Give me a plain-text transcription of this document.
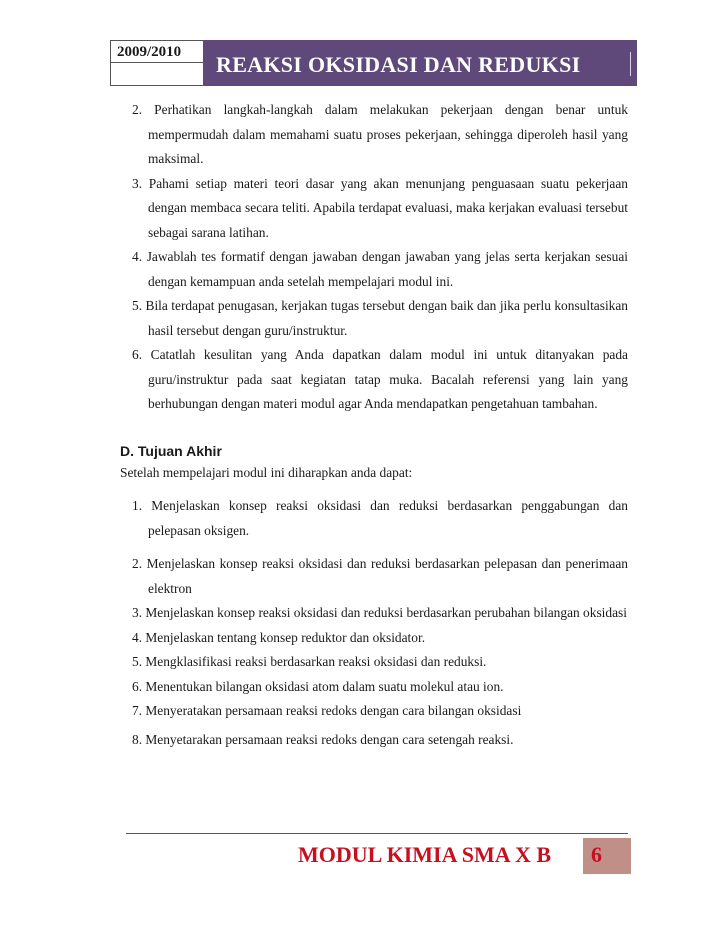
2009/2010	REAKSI OKSIDASI DAN REDUKSI

2. Perhatikan langkah-langkah dalam melakukan pekerjaan dengan benar untuk mempermudah dalam memahami suatu proses pekerjaan, sehingga diperoleh hasil yang maksimal.

3. Pahami setiap materi teori dasar yang akan menunjang penguasaan suatu pekerjaan dengan membaca secara teliti. Apabila terdapat evaluasi, maka kerjakan evaluasi tersebut sebagai sarana latihan.

4. Jawablah tes formatif dengan jawaban dengan jawaban yang jelas serta kerjakan sesuai dengan kemampuan anda setelah mempelajari modul ini.

5. Bila terdapat penugasan, kerjakan tugas tersebut dengan baik dan jika perlu konsultasikan hasil tersebut dengan guru/instruktur.

6. Catatlah kesulitan yang Anda dapatkan dalam modul ini untuk ditanyakan pada guru/instruktur pada saat kegiatan tatap muka. Bacalah referensi yang lain yang berhubungan dengan materi modul agar Anda mendapatkan pengetahuan tambahan.

D. Tujuan Akhir

Setelah mempelajari modul ini diharapkan anda dapat:

1. Menjelaskan konsep reaksi oksidasi dan reduksi berdasarkan penggabungan dan pelepasan oksigen.

2. Menjelaskan konsep reaksi oksidasi dan reduksi berdasarkan pelepasan dan penerimaan elektron

3. Menjelaskan konsep reaksi oksidasi dan reduksi berdasarkan perubahan bilangan oksidasi

4. Menjelaskan tentang konsep reduktor dan oksidator.

5. Mengklasifikasi reaksi berdasarkan reaksi oksidasi dan reduksi.

6. Menentukan bilangan oksidasi atom dalam suatu molekul atau ion.

7. Menyeratakan persamaan reaksi redoks dengan cara bilangan oksidasi

8. Menyetarakan persamaan reaksi redoks dengan cara setengah reaksi.

MODUL KIMIA SMA X B	6
